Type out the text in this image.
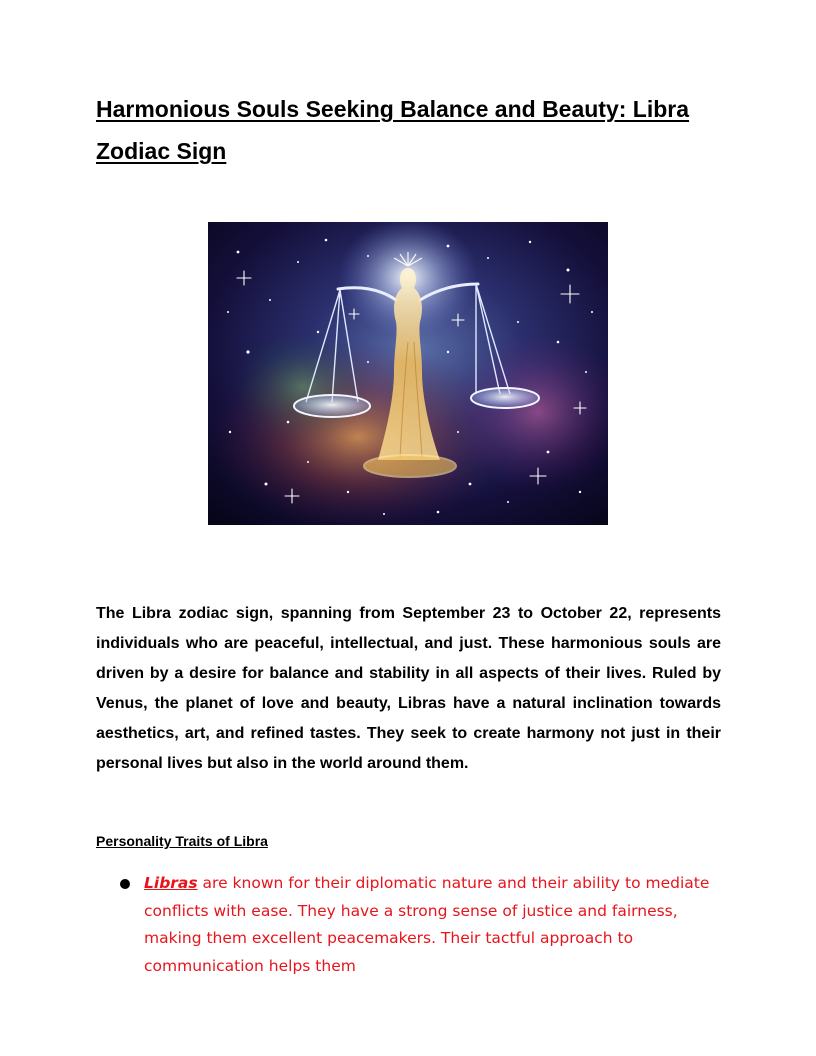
Harmonious Souls Seeking Balance and Beauty: Libra Zodiac Sign

The Libra zodiac sign, spanning from September 23 to October 22, represents individuals who are peaceful, intellectual, and just. These harmonious souls are driven by a desire for balance and stability in all aspects of their lives. Ruled by Venus, the planet of love and beauty, Libras have a natural inclination towards aesthetics, art, and refined tastes. They seek to create harmony not just in their personal lives but also in the world around them.

Personality Traits of Libra

Libras are known for their diplomatic nature and their ability to mediate conflicts with ease. They have a strong sense of justice and fairness, making them excellent peacemakers. Their tactful approach to communication helps them
